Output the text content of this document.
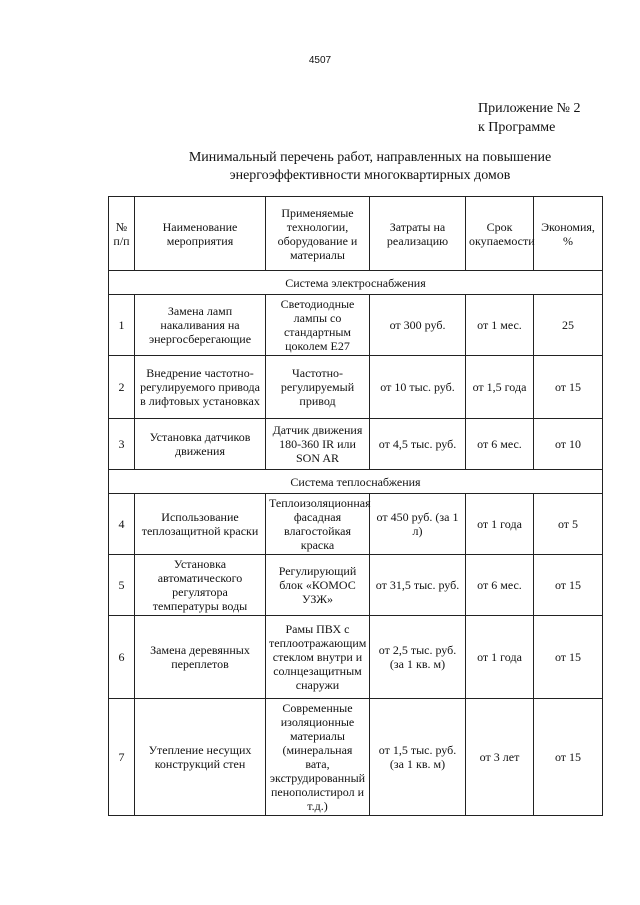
4507
Приложение № 2
к Программе
Минимальный перечень работ, направленных на повышение
энергоэффективности многоквартирных домов
№ п/п	Наименование мероприятия	Применяемые технологии, оборудование и материалы	Затраты на реализацию	Срок окупаемости	Экономия, %
Система электроснабжения					
1	Замена ламп накаливания на энергосберегающие	Светодиодные лампы со стандартным цоколем Е27	от 300 руб.	от 1 мес.	25
2	Внедрение частотно-регулируемого привода в лифтовых установках	Частотно-регулируемый привод	от 10 тыс. руб.	от 1,5 года	от 15
3	Установка датчиков движения	Датчик движения 180-360 IR или SON AR	от 4,5 тыс. руб.	от 6 мес.	от 10
Система теплоснабжения					
4	Использование теплозащитной краски	Теплоизоляционная фасадная влагостойкая краска	от 450 руб. (за 1 л)	от 1 года	от 5
5	Установка автоматического регулятора температуры воды	Регулирующий блок «КОМОС УЗЖ»	от 31,5 тыс. руб.	от 6 мес.	от 15
6	Замена деревянных переплетов	Рамы ПВХ с теплоотражающим стеклом внутри и солнцезащитным снаружи	от 2,5 тыс. руб. (за 1 кв. м)	от 1 года	от 15
7	Утепление несущих конструкций стен	Современные изоляционные материалы (минеральная вата, экструдированный пенополистирол и т.д.)	от 1,5 тыс. руб. (за 1 кв. м)	от 3 лет	от 15
